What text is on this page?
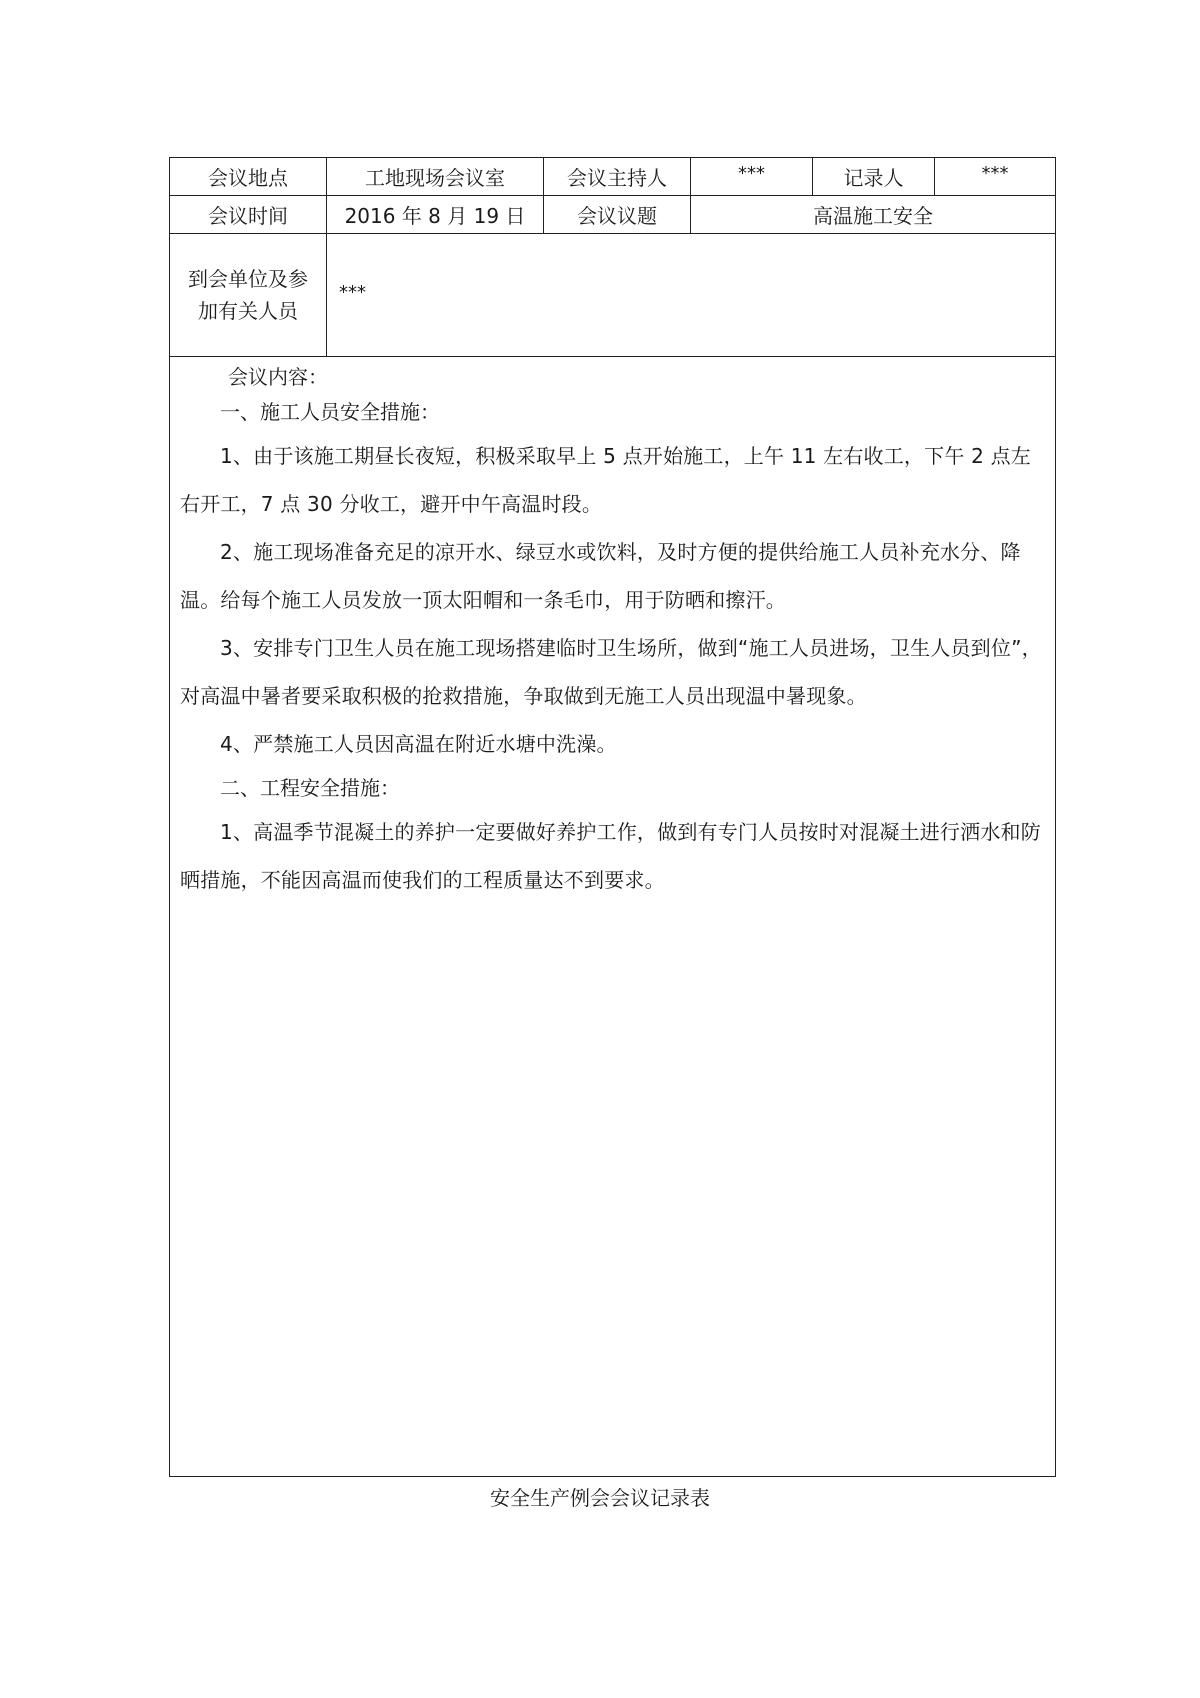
会议地点	工地现场会议室	会议主持人	***	记录人	***
会议时间	2016 年 8 月 19 日	会议议题	高温施工安全
到会单位及参
加有关人员
***

会议内容：

一、施工人员安全措施：

1、由于该施工期昼长夜短，积极采取早上 5 点开始施工，上午 11 左右收工，下午 2 点左右开工，7 点 30 分收工，避开中午高温时段。

2、施工现场准备充足的凉开水、绿豆水或饮料，及时方便的提供给施工人员补充水分、降温。给每个施工人员发放一顶太阳帽和一条毛巾，用于防晒和擦汗。

3、安排专门卫生人员在施工现场搭建临时卫生场所，做到“施工人员进场，卫生人员到位”，对高温中暑者要采取积极的抢救措施，争取做到无施工人员出现温中暑现象。

4、严禁施工人员因高温在附近水塘中洗澡。

二、工程安全措施：

1、高温季节混凝土的养护一定要做好养护工作，做到有专门人员按时对混凝土进行洒水和防晒措施，不能因高温而使我们的工程质量达不到要求。

安全生产例会会议记录表
